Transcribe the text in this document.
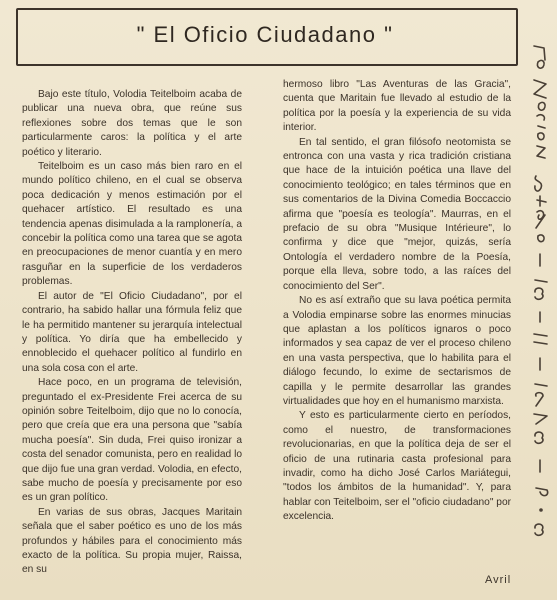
" El Oficio Ciudadano "

Bajo este título, Volodia Teitelboim acaba de publicar una nueva obra, que reúne sus reflexiones sobre dos temas que le son particularmente caros: la política y el arte poético y literario.

Teitelboim es un caso más bien raro en el mundo político chileno, en el cual se observa poca dedicación y menos estimación por el quehacer artístico. El resultado es una tendencia apenas disimulada a la ramplonería, a concebir la política como una tarea que se agota en preocupaciones de menor cuantía y en mero rasguñar en la superficie de los verdaderos problemas.

El autor de "El Oficio Ciudadano", por el contrario, ha sabido hallar una fórmula feliz que le ha permitido mantener su jerarquía intelectual y política. Yo diría que ha embellecido y ennoblecido el quehacer político al fundirlo en una sola cosa con el arte.

Hace poco, en un programa de televisión, preguntado el ex-Presidente Frei acerca de su opinión sobre Teitelboim, dijo que no lo conocía, pero que creía que era una persona que "sabía mucha poesía". Sin duda, Frei quiso ironizar a costa del senador comunista, pero en realidad lo que dijo fue una gran verdad. Volodia, en efecto, sabe mucho de poesía y precisamente por eso es un gran político.

En varias de sus obras, Jacques Maritain señala que el saber poético es uno de los más profundos y hábiles para el conocimiento más exacto de la política. Su propia mujer, Raissa, en su

hermoso libro "Las Aventuras de las Gracia", cuenta que Maritain fue llevado al estudio de la política por la poesía y la experiencia de su vida interior.

En tal sentido, el gran filósofo neotomista se entronca con una vasta y rica tradición cristiana que hace de la intuición poética una llave del conocimiento teológico; en tales términos que en sus comentarios de la Divina Comedia Boccaccio afirma que "poesía es teología". Maurras, en el prefacio de su obra "Musique Intérieure", lo confirma y dice que "mejor, quizás, sería Ontología el verdadero nombre de la Poesía, porque ella lleva, sobre todo, a las raíces del conocimiento del Ser".

No es así extraño que su lava poética permita a Volodia empinarse sobre las enormes minucias que aplastan a los políticos ignaros o poco informados y sea capaz de ver el proceso chileno en una vasta perspectiva, que lo habilita para el diálogo fecundo, lo exime de sectarismos de capilla y le permite desarrollar las grandes virtualidades que hoy en el humanismo marxista.

Y esto es particularmente cierto en períodos, como el nuestro, de transformaciones revolucionarias, en que la política deja de ser el oficio de una rutinaria casta profesional para invadir, como ha dicho José Carlos Mariátegui, "todos los ámbitos de la humanidad". Y, para hablar con Teitelboim, ser el "oficio ciudadano" por excelencia.

Avril
